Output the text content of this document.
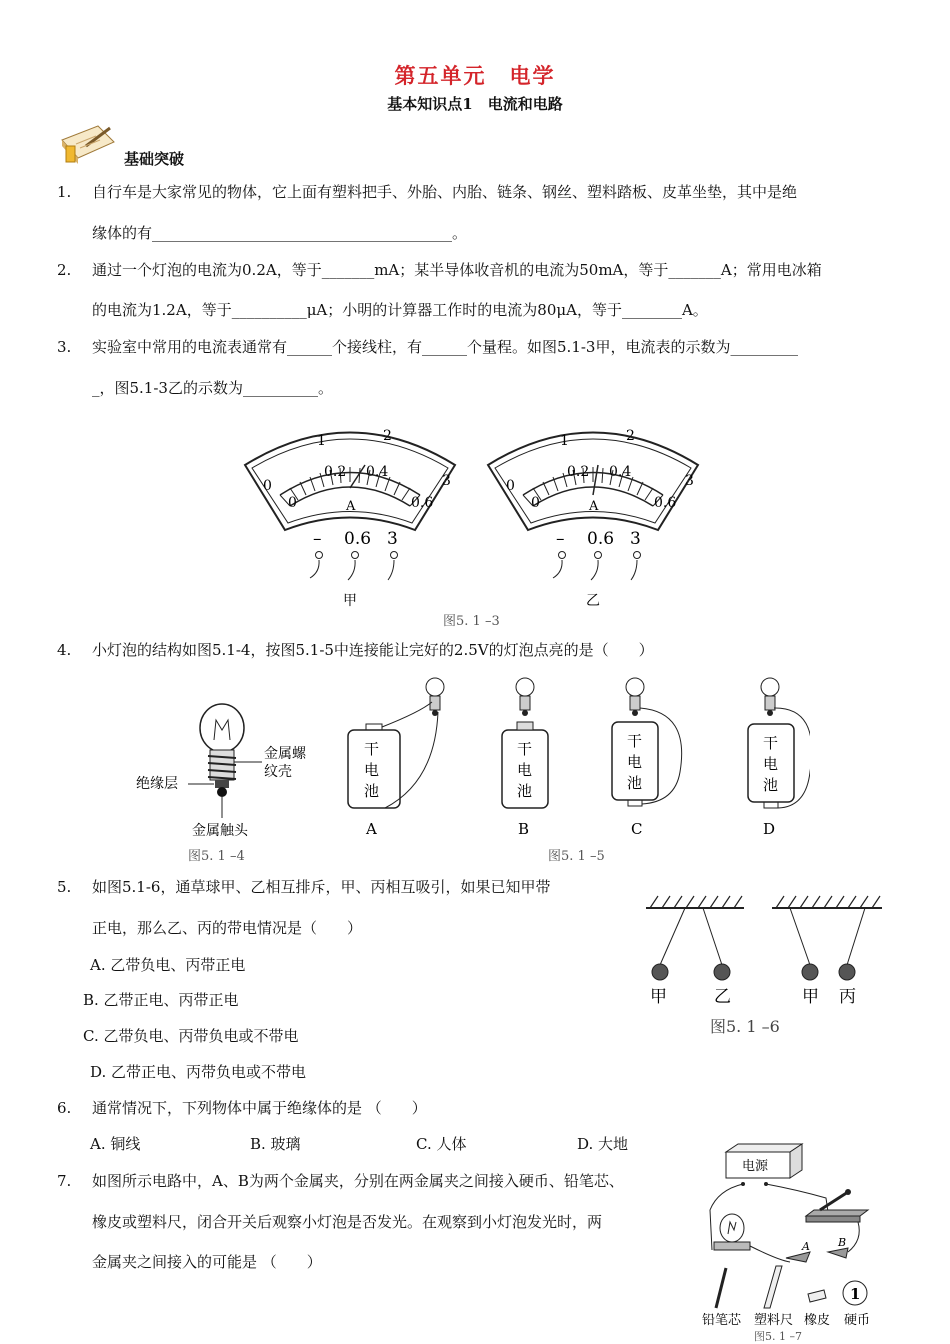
第五单元　电学
基本知识点1　电流和电路
基础突破
1. 自行车是大家常见的物体，它上面有塑料把手、外胎、内胎、链条、钢丝、塑料踏板、皮革坐垫，其中是绝
缘体的有________________________________________。
2. 通过一个灯泡的电流为0.2A，等于_______mA；某半导体收音机的电流为50mA，等于_______A；常用电冰箱
的电流为1.2A，等于__________μA；小明的计算器工作时的电流为80μA，等于________A。
3. 实验室中常用的电流表通常有______个接线柱，有______个量程。如图5.1-3甲，电流表的示数为_________
_，图5.1-3乙的示数为__________。
0
1	2
3
0
0.2 0.4
0.6
A
– 0.6 3
甲
0
1	2
3
0
0.2 0.4
0.6
A
– 0.6 3
乙
图5. 1 –3
4. 小灯泡的结构如图5.1-4，按图5.1-5中连接能让完好的2.5V的灯泡点亮的是（　　）
金属螺
纹壳
绝缘层
金属触头
图5. 1 –4
干
电
池
A
干
电
池
B
干
电
池
C
干
电
池
D
图5. 1 –5
5. 如图5.1-6，通草球甲、乙相互排斥，甲、丙相互吸引，如果已知甲带
正电，那么乙、丙的带电情况是（　　）
A. 乙带负电、丙带正电
B. 乙带正电、丙带正电
C. 乙带负电、丙带负电或不带电
D. 乙带正电、丙带负电或不带电
甲	乙	甲 丙
图5. 1 –6
6. 通常情况下，下列物体中属于绝缘体的是 （　　）
A. 铜线	B. 玻璃	C. 人体	D. 大地
7. 如图所示电路中，A、B为两个金属夹，分别在两金属夹之间接入硬币、铅笔芯、
橡皮或塑料尺，闭合开关后观察小灯泡是否发光。在观察到小灯泡发光时，两
金属夹之间接入的可能是 （　　）
电源
A	B
1
铅笔芯 塑料尺 橡皮 硬币
图5. 1 –7
